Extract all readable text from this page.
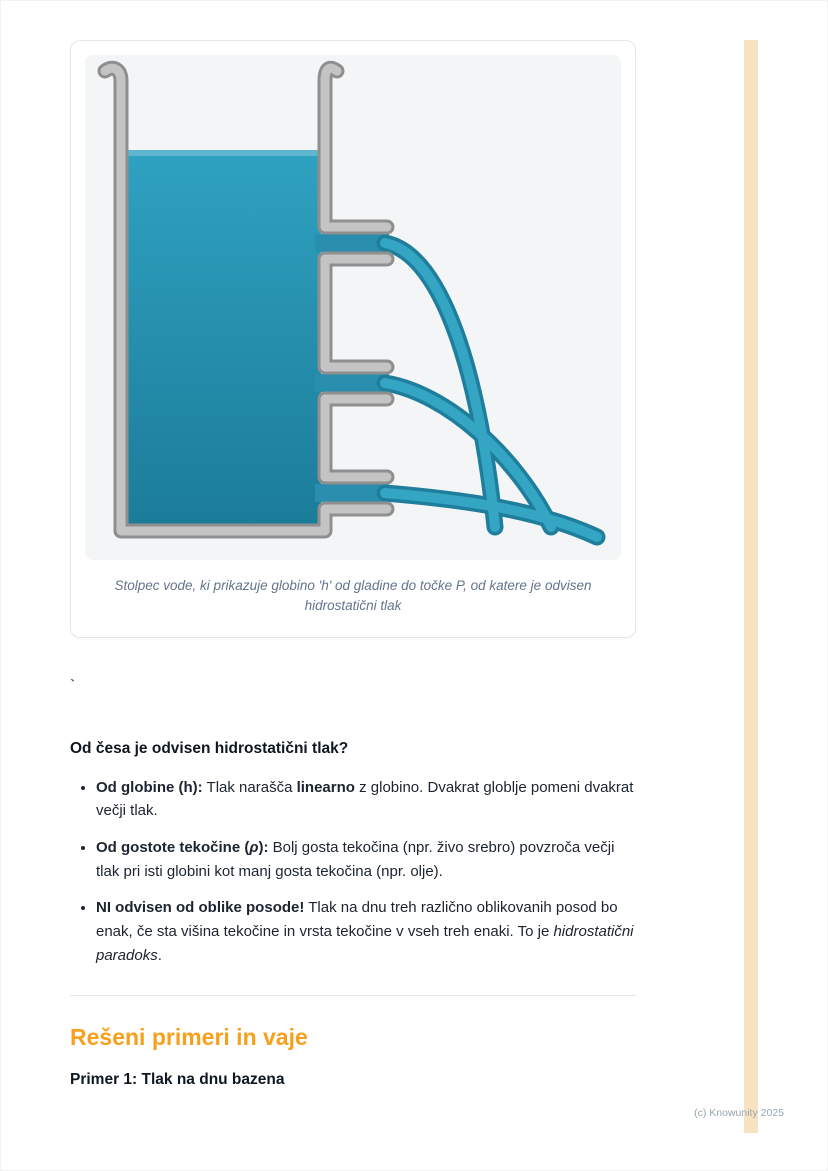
Stolpec vode, ki prikazuje globino 'h' od gladine do točke P, od katere je odvisen hidrostatični tlak
`

Od česa je odvisen hidrostatični tlak?

• Od globine (h): Tlak narašča linearno z globino. Dvakrat globlje pomeni dvakrat večji tlak.
• Od gostote tekočine (ρ): Bolj gosta tekočina (npr. živo srebro) povzroča večji tlak pri isti globini kot manj gosta tekočina (npr. olje).
• NI odvisen od oblike posode! Tlak na dnu treh različno oblikovanih posod bo enak, če sta višina tekočine in vrsta tekočine v vseh treh enaki. To je hidrostatični paradoks.
Rešeni primeri in vaje

Primer 1: Tlak na dnu bazena

(c) Knowunity 2025
